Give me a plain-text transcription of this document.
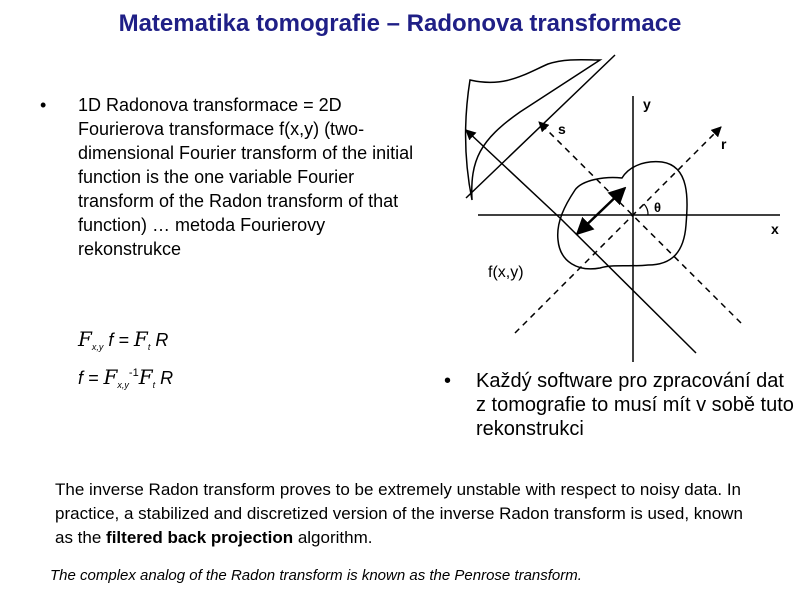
Matematika tomografie – Radonova transformace
• 1D Radonova transformace = 2D Fourierova transformace f(x,y) (two-dimensional Fourier transform of the initial function is the one variable Fourier transform of the Radon transform of that function) … metoda Fourierovy rekonstrukce
$F_{x,y}$ $f = F_t$ R
$f = F_{x,y}^{-1}F_t$ R
y
x
r
s
θ
f(x,y)
• Každý software pro zpracování dat z tomografie to musí mít v sobě tuto rekonstrukci
The inverse Radon transform proves to be extremely unstable with respect to noisy data. In practice, a stabilized and discretized version of the inverse Radon transform is used, known as the filtered back projection algorithm.
The complex analog of the Radon transform is known as the Penrose transform.
